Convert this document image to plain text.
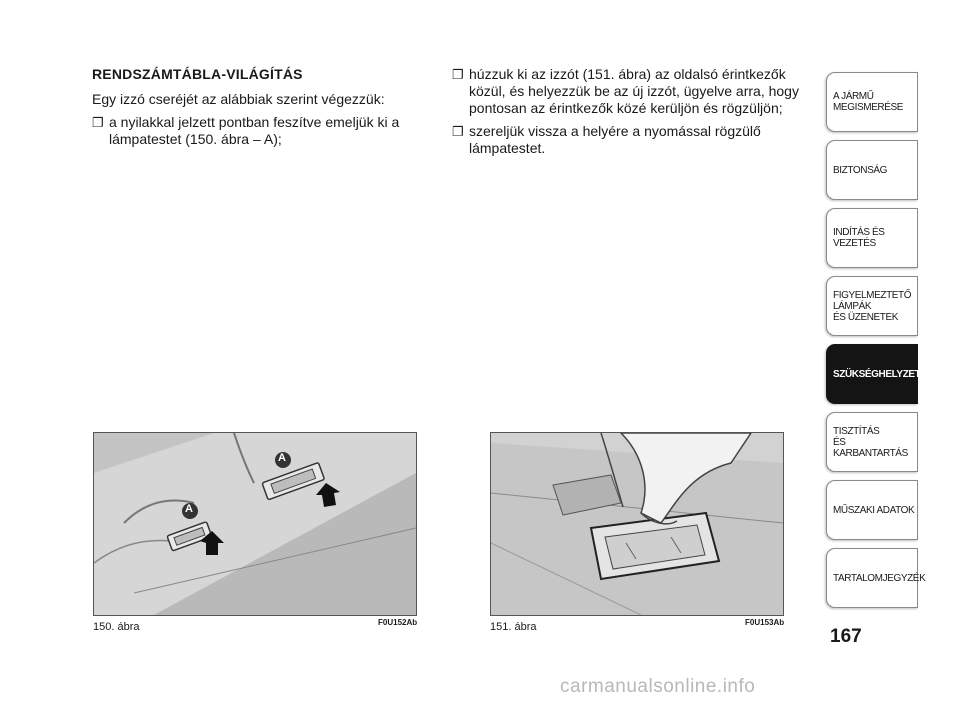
RENDSZÁMTÁBLA-VILÁGÍTÁS
Egy izzó cseréjét az alábbiak szerint végezzük:
❒ a nyilakkal jelzett pontban feszítve emeljük ki a lámpatestet (150. ábra – A);
❒ húzzuk ki az izzót (151. ábra) az oldalsó érintkezők közül, és helyezzük be az új izzót, ügyelve arra, hogy pontosan az érintkezők közé kerüljön és rögzüljön;
❒ szereljük vissza a helyére a nyomással rögzülő lámpatestet.
A
A
150. ábra	F0U152Ab	151. ábra	F0U153Ab
A JÁRMŰ
MEGISMERÉSE
BIZTONSÁG
INDÍTÁS ÉS VEZETÉS
FIGYELMEZTETŐ
LÁMPÁK
ÉS ÜZENETEK
SZÜKSÉGHELYZETBEN
TISZTÍTÁS
ÉS KARBANTARTÁS
MŰSZAKI ADATOK
TARTALOMJEGYZÉK
167
carmanualsonline.info
